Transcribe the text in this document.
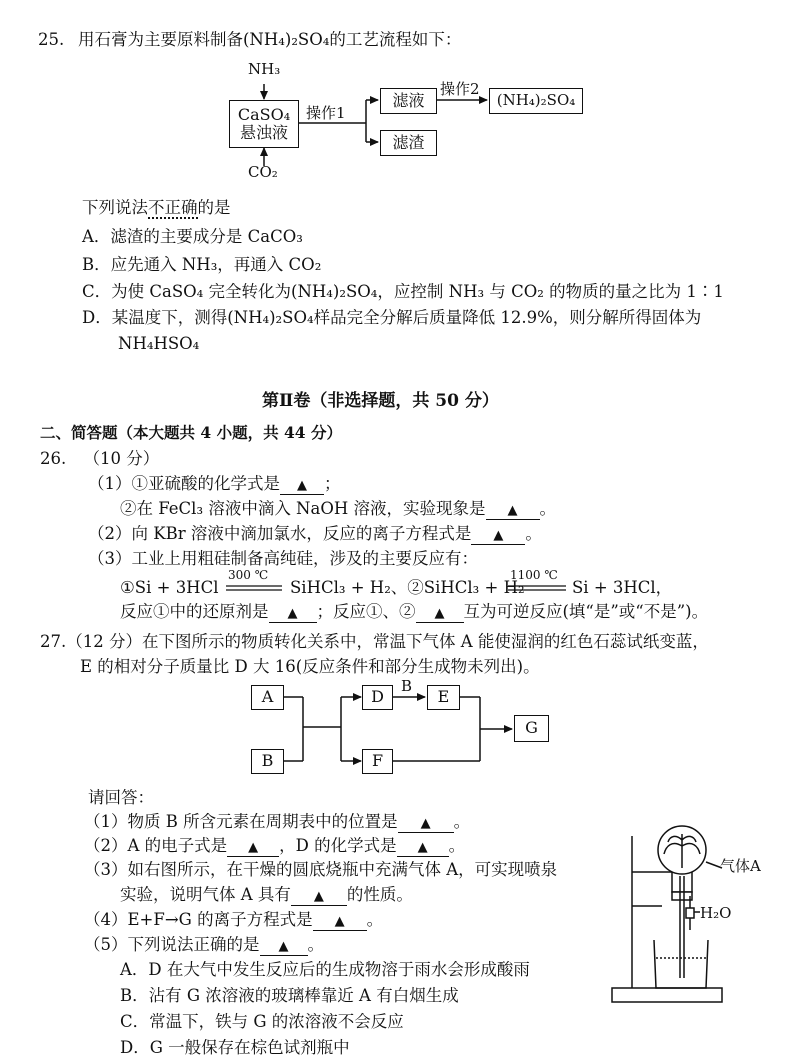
25. 用石膏为主要原料制备(NH₄)₂SO₄的工艺流程如下：
NH₃
CaSO₄
悬浊液
CO₂
操作1
滤液
操作2
(NH₄)₂SO₄
滤渣
下列说法不正确的是
A．滤渣的主要成分是 CaCO₃
B．应先通入 NH₃，再通入 CO₂
C．为使 CaSO₄ 完全转化为(NH₄)₂SO₄，应控制 NH₃ 与 CO₂ 的物质的量之比为 1∶1
D．某温度下，测得(NH₄)₂SO₄样品完全分解后质量降低 12.9%，则分解所得固体为
NH₄HSO₄
第Ⅱ卷（非选择题，共 50 分）
二、简答题（本大题共 4 小题，共 44 分）
26. （10 分）
（1）①亚硫酸的化学式是 ▲ ；
②在 FeCl₃ 溶液中滴入 NaOH 溶液，实验现象是 ▲ 。
（2）向 KBr 溶液中滴加氯水，反应的离子方程式是 ▲ 。
（3）工业上用粗硅制备高纯硅，涉及的主要反应有：
①Si + 3HCl
300 ℃
SiHCl₃ + H₂、②SiHCl₃ + H₂
1100 ℃
Si + 3HCl，
反应①中的还原剂是 ▲ ；反应①、② ▲ 互为可逆反应(填“是”或“不是”)。
27.（12 分）在下图所示的物质转化关系中，常温下气体 A 能使湿润的红色石蕊试纸变蓝，
E 的相对分子质量比 D 大 16(反应条件和部分生成物未列出)。
A
B
D
B
E
F
G
请回答：
（1）物质 B 所含元素在周期表中的位置是 ▲ 。
（2）A 的电子式是 ▲ ，D 的化学式是 ▲ 。
（3）如右图所示，在干燥的圆底烧瓶中充满气体 A，可实现喷泉
实验，说明气体 A 具有 ▲ 的性质。
（4）E+F→G 的离子方程式是 ▲ 。
（5）下列说法正确的是 ▲ 。
A．D 在大气中发生反应后的生成物溶于雨水会形成酸雨
B．沾有 G 浓溶液的玻璃棒靠近 A 有白烟生成
C．常温下，铁与 G 的浓溶液不会反应
D．G 一般保存在棕色试剂瓶中
气体A
H₂O
